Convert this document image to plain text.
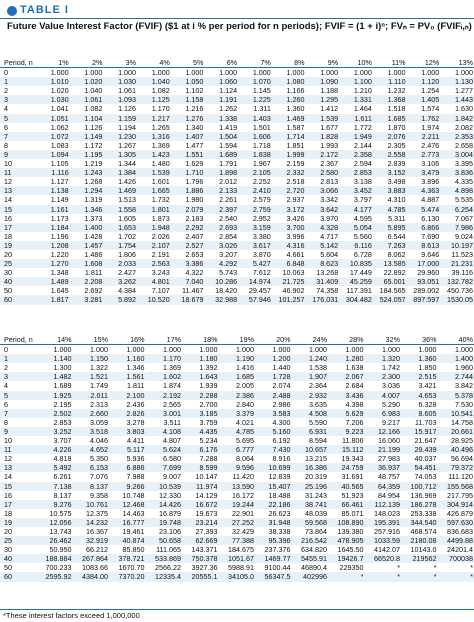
TABLE I
Future Value Interest Factor (FVIF) ($1 at i % per period for n periods); FVIF = (1 + i)ⁿ; FVₙ = PV₀ (FVIFᵢ,ₙ)
Period, n	1%	2%	3%	4%	5%	6%	7%	8%	9%	10%	11%	12%	13%
0	1.000	1.000	1.000	1.000	1.000	1.000	1.000	1.000	1.000	1.000	1.000	1.000	1.000
1	1.010	1.020	1.030	1.040	1.050	1.060	1.070	1.080	1.090	1.100	1.110	1.120	1.130
2	1.020	1.040	1.061	1.082	1.102	1.124	1.145	1.166	1.188	1.210	1.232	1.254	1.277
3	1.030	1.061	1.093	1.125	1.158	1.191	1.225	1.260	1.295	1.331	1.368	1.405	1.443
4	1.041	1.082	1.126	1.170	1.216	1.262	1.311	1.360	1.412	1.464	1.518	1.574	1.630
5	1.051	1.104	1.159	1.217	1.276	1.338	1.403	1.469	1.539	1.611	1.685	1.762	1.842
6	1.062	1.126	1.194	1.265	1.340	1.419	1.501	1.587	1.677	1.772	1.870	1.974	2.082
7	1.072	1.149	1.230	1.316	1.407	1.504	1.606	1.714	1.828	1.949	2.076	2.211	2.353
8	1.083	1.172	1.267	1.369	1.477	1.594	1.718	1.851	1.993	2.144	2.305	2.476	2.658
9	1.094	1.195	1.305	1.423	1.551	1.689	1.838	1.999	2.172	2.358	2.558	2.773	3.004
10	1.105	1.219	1.344	1.480	1.629	1.791	1.967	2.159	2.367	2.594	2.839	3.106	3.395
11	1.116	1.243	1.384	1.539	1.710	1.898	2.105	2.332	2.580	2.853	3.152	3.479	3.836
12	1.127	1.268	1.426	1.601	1.796	2.012	2.252	2.518	2.813	3.138	3.498	3.896	4.335
13	1.138	1.294	1.469	1.665	1.886	2.133	2.410	2.720	3.066	3.452	3.883	4.363	4.898
14	1.149	1.319	1.513	1.732	1.980	2.261	2.579	2.937	3.342	3.797	4.310	4.887	5.535
15	1.161	1.346	1.558	1.801	2.079	2.397	2.759	3.172	3.642	4.177	4.785	5.474	6.254
16	1.173	1.373	1.605	1.873	2.183	2.540	2.952	3.426	3.970	4.595	5.311	6.130	7.067
17	1.184	1.400	1.653	1.948	2.292	2.693	3.159	3.700	4.328	5.054	5.895	6.866	7.986
18	1.196	1.428	1.702	2.026	2.407	2.854	3.380	3.996	4.717	5.560	6.544	7.690	9.024
19	1.208	1.457	1.754	2.107	2.527	3.026	3.617	4.316	5.142	6.116	7.263	8.613	10.197
20	1.220	1.486	1.806	2.191	2.653	3.207	3.870	4.661	5.604	6.728	8.062	9.646	11.523
25	1.270	1.608	2.033	2.563	3.386	4.292	5.427	6.848	8.623	10.835	13.585	17.000	21.231
30	1.348	1.811	2.427	3.243	4.322	5.743	7.612	10.063	13.268	17.449	22.892	29.960	39.116
40	1.489	2.208	3.262	4.801	7.040	10.286	14.974	21.725	31.409	45.259	65.001	93.051	132.782
50	1.645	2.692	4.384	7.107	11.467	18.420	29.457	46.902	74.358	117.391	184.565	289.002	450.736
60	1.817	3.281	5.892	10.520	18.679	32.988	57.946	101.257	176.031	304.482	524.057	897.597	1530.05
Period, n	14%	15%	16%	17%	18%	19%	20%	24%	28%	32%	36%	40%
0	1.000	1.000	1.000	1.000	1.000	1.000	1.000	1.000	1.000	1.000	1.000	1.000
1	1.140	1.150	1.160	1.170	1.180	1.190	1.200	1.240	1.280	1.320	1.360	1.400
2	1.300	1.322	1.346	1.369	1.392	1.416	1.440	1.538	1.638	1.742	1.850	1.960
3	1.482	1.521	1.561	1.602	1.643	1.685	1.728	1.907	2.067	2.300	2.515	2.744
4	1.689	1.749	1.811	1.874	1.939	2.005	2.074	2.364	2.684	3.036	3.421	3.842
5	1.925	2.011	2.100	2.192	2.288	2.386	2.488	2.932	3.436	4.007	4.653	5.378
6	2.195	2.313	2.436	2.565	2.700	2.840	2.986	3.635	4.398	5.290	6.328	7.530
7	2.502	2.660	2.826	3.001	3.185	3.379	3.583	4.508	5.629	6.983	8.605	10.541
8	2.853	3.059	3.278	3.511	3.759	4.021	4.300	5.590	7.206	9.217	11.703	14.758
9	3.252	3.518	3.803	4.108	4.435	4.785	5.160	6.931	9.223	12.166	15.917	20.661
10	3.707	4.046	4.411	4.807	5.234	5.695	6.192	8.594	11.806	16.060	21.647	28.925
11	4.226	4.652	5.117	5.624	6.176	6.777	7.430	10.657	15.112	21.199	29.439	40.496
12	4.818	5.350	5.936	6.580	7.288	8.064	8.916	13.215	19.343	27.983	40.037	56.694
13	5.492	6.153	6.886	7.699	8.599	9.596	10.699	16.386	24.759	36.937	54.451	79.372
14	6.261	7.076	7.988	9.007	10.147	11.420	12.839	20.319	31.691	48.757	74.053	111.120
15	7.138	8.137	9.266	10.539	11.974	13.590	15.407	25.196	40.565	64.359	100.712	155.568
16	8.137	9.358	10.748	12.330	14.129	16.172	18.488	31.243	51.923	84.954	136.969	217.795
17	9.276	10.761	12.468	14.426	16.672	19.244	22.186	38.741	66.461	112.139	186.278	304.914
18	10.575	12.375	14.463	16.879	19.673	22.901	26.623	48.039	85.071	148.023	253.338	426.879
19	12.056	14.232	16.777	19.748	23.214	27.252	31.948	59.568	108.890	195.391	344.540	597.630
20	13.743	16.367	19.461	23.106	27.393	32.429	38.338	73.864	139.380	257.916	468.574	836.683
25	26.462	32.919	40.874	50.658	62.669	77.388	95.396	216.542	478.905	1033.59	2180.08	4499.88
30	50.950	66.212	85.850	111.065	143.371	184.675	237.376	634.820	1645.50	4142.07	10143.0	24201.4
40	188.884	267.864	378.721	533.869	750.378	1051.67	1469.77	5455.91	19426.7	66520.8	219562	700038
50	700.233	1083.66	1670.70	2566.22	3927.36	5988.91	9100.44	46890.4	229350	*	*	*
60	2595.92	4384.00	7370.20	12335.4	20555.1	34105.0	56347.5	402996	*	*	*	*
*These interest factors exceed 1,000,000
